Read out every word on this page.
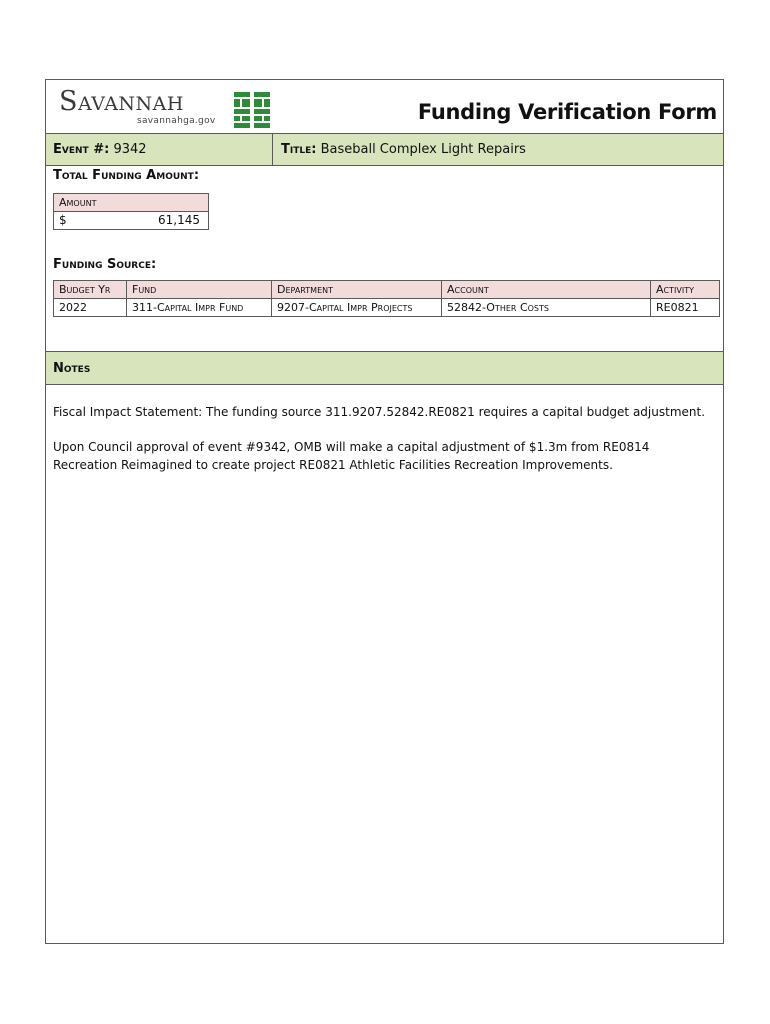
Savannah
savannahga.gov	Funding Verification Form
Event #: 9342	Title: Baseball Complex Light Repairs
Total Funding Amount:
Amount
$	61,145
Funding Source:
Budget Yr	Fund	Department	Account	Activity
2022	311-Capital Impr Fund	9207-Capital Impr Projects	52842-Other Costs	RE0821
Notes
Fiscal Impact Statement: The funding source 311.9207.52842.RE0821 requires a capital budget adjustment.
Upon Council approval of event #9342, OMB will make a capital adjustment of $1.3m from RE0814 Recreation Reimagined to create project RE0821 Athletic Facilities Recreation Improvements.
